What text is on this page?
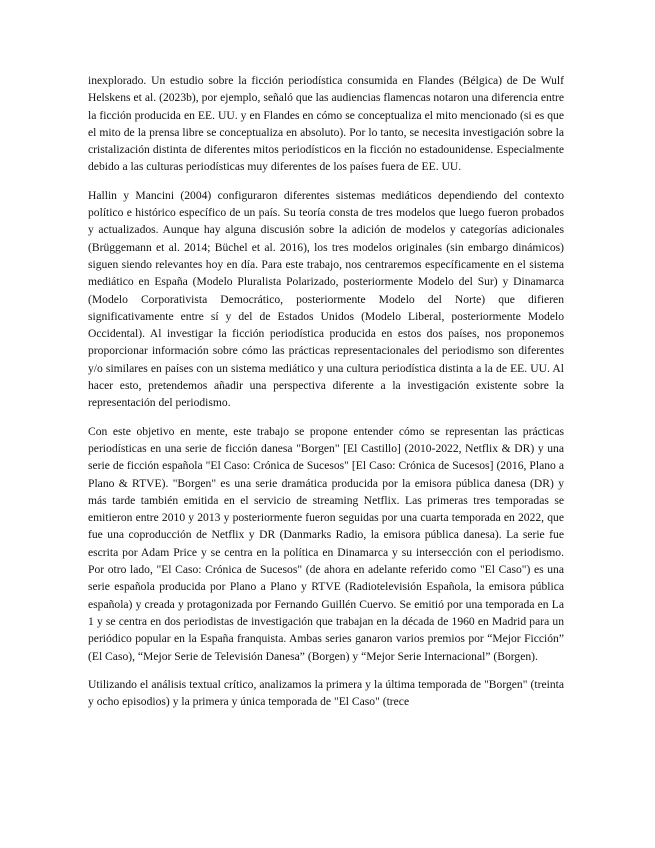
inexplorado. Un estudio sobre la ficción periodística consumida en Flandes (Bélgica) de De Wulf Helskens et al. (2023b), por ejemplo, señaló que las audiencias flamencas notaron una diferencia entre la ficción producida en EE. UU. y en Flandes en cómo se conceptualiza el mito mencionado (si es que el mito de la prensa libre se conceptualiza en absoluto). Por lo tanto, se necesita investigación sobre la cristalización distinta de diferentes mitos periodísticos en la ficción no estadounidense. Especialmente debido a las culturas periodísticas muy diferentes de los países fuera de EE. UU.

Hallin y Mancini (2004) configuraron diferentes sistemas mediáticos dependiendo del contexto político e histórico específico de un país. Su teoría consta de tres modelos que luego fueron probados y actualizados. Aunque hay alguna discusión sobre la adición de modelos y categorías adicionales (Brüggemann et al. 2014; Büchel et al. 2016), los tres modelos originales (sin embargo dinámicos) siguen siendo relevantes hoy en día. Para este trabajo, nos centraremos específicamente en el sistema mediático en España (Modelo Pluralista Polarizado, posteriormente Modelo del Sur) y Dinamarca (Modelo Corporativista Democrático, posteriormente Modelo del Norte) que difieren significativamente entre sí y del de Estados Unidos (Modelo Liberal, posteriormente Modelo Occidental). Al investigar la ficción periodística producida en estos dos países, nos proponemos proporcionar información sobre cómo las prácticas representacionales del periodismo son diferentes y/o similares en países con un sistema mediático y una cultura periodística distinta a la de EE. UU. Al hacer esto, pretendemos añadir una perspectiva diferente a la investigación existente sobre la representación del periodismo.

Con este objetivo en mente, este trabajo se propone entender cómo se representan las prácticas periodísticas en una serie de ficción danesa "Borgen" [El Castillo] (2010-2022, Netflix & DR) y una serie de ficción española "El Caso: Crónica de Sucesos" [El Caso: Crónica de Sucesos] (2016, Plano a Plano & RTVE). "Borgen" es una serie dramática producida por la emisora pública danesa (DR) y más tarde también emitida en el servicio de streaming Netflix. Las primeras tres temporadas se emitieron entre 2010 y 2013 y posteriormente fueron seguidas por una cuarta temporada en 2022, que fue una coproducción de Netflix y DR (Danmarks Radio, la emisora pública danesa). La serie fue escrita por Adam Price y se centra en la política en Dinamarca y su intersección con el periodismo. Por otro lado, "El Caso: Crónica de Sucesos" (de ahora en adelante referido como "El Caso") es una serie española producida por Plano a Plano y RTVE (Radiotelevisión Española, la emisora pública española) y creada y protagonizada por Fernando Guillén Cuervo. Se emitió por una temporada en La 1 y se centra en dos periodistas de investigación que trabajan en la década de 1960 en Madrid para un periódico popular en la España franquista. Ambas series ganaron varios premios por “Mejor Ficción” (El Caso), “Mejor Serie de Televisión Danesa” (Borgen) y “Mejor Serie Internacional” (Borgen).

Utilizando el análisis textual crítico, analizamos la primera y la última temporada de "Borgen" (treinta y ocho episodios) y la primera y única temporada de "El Caso" (trece
